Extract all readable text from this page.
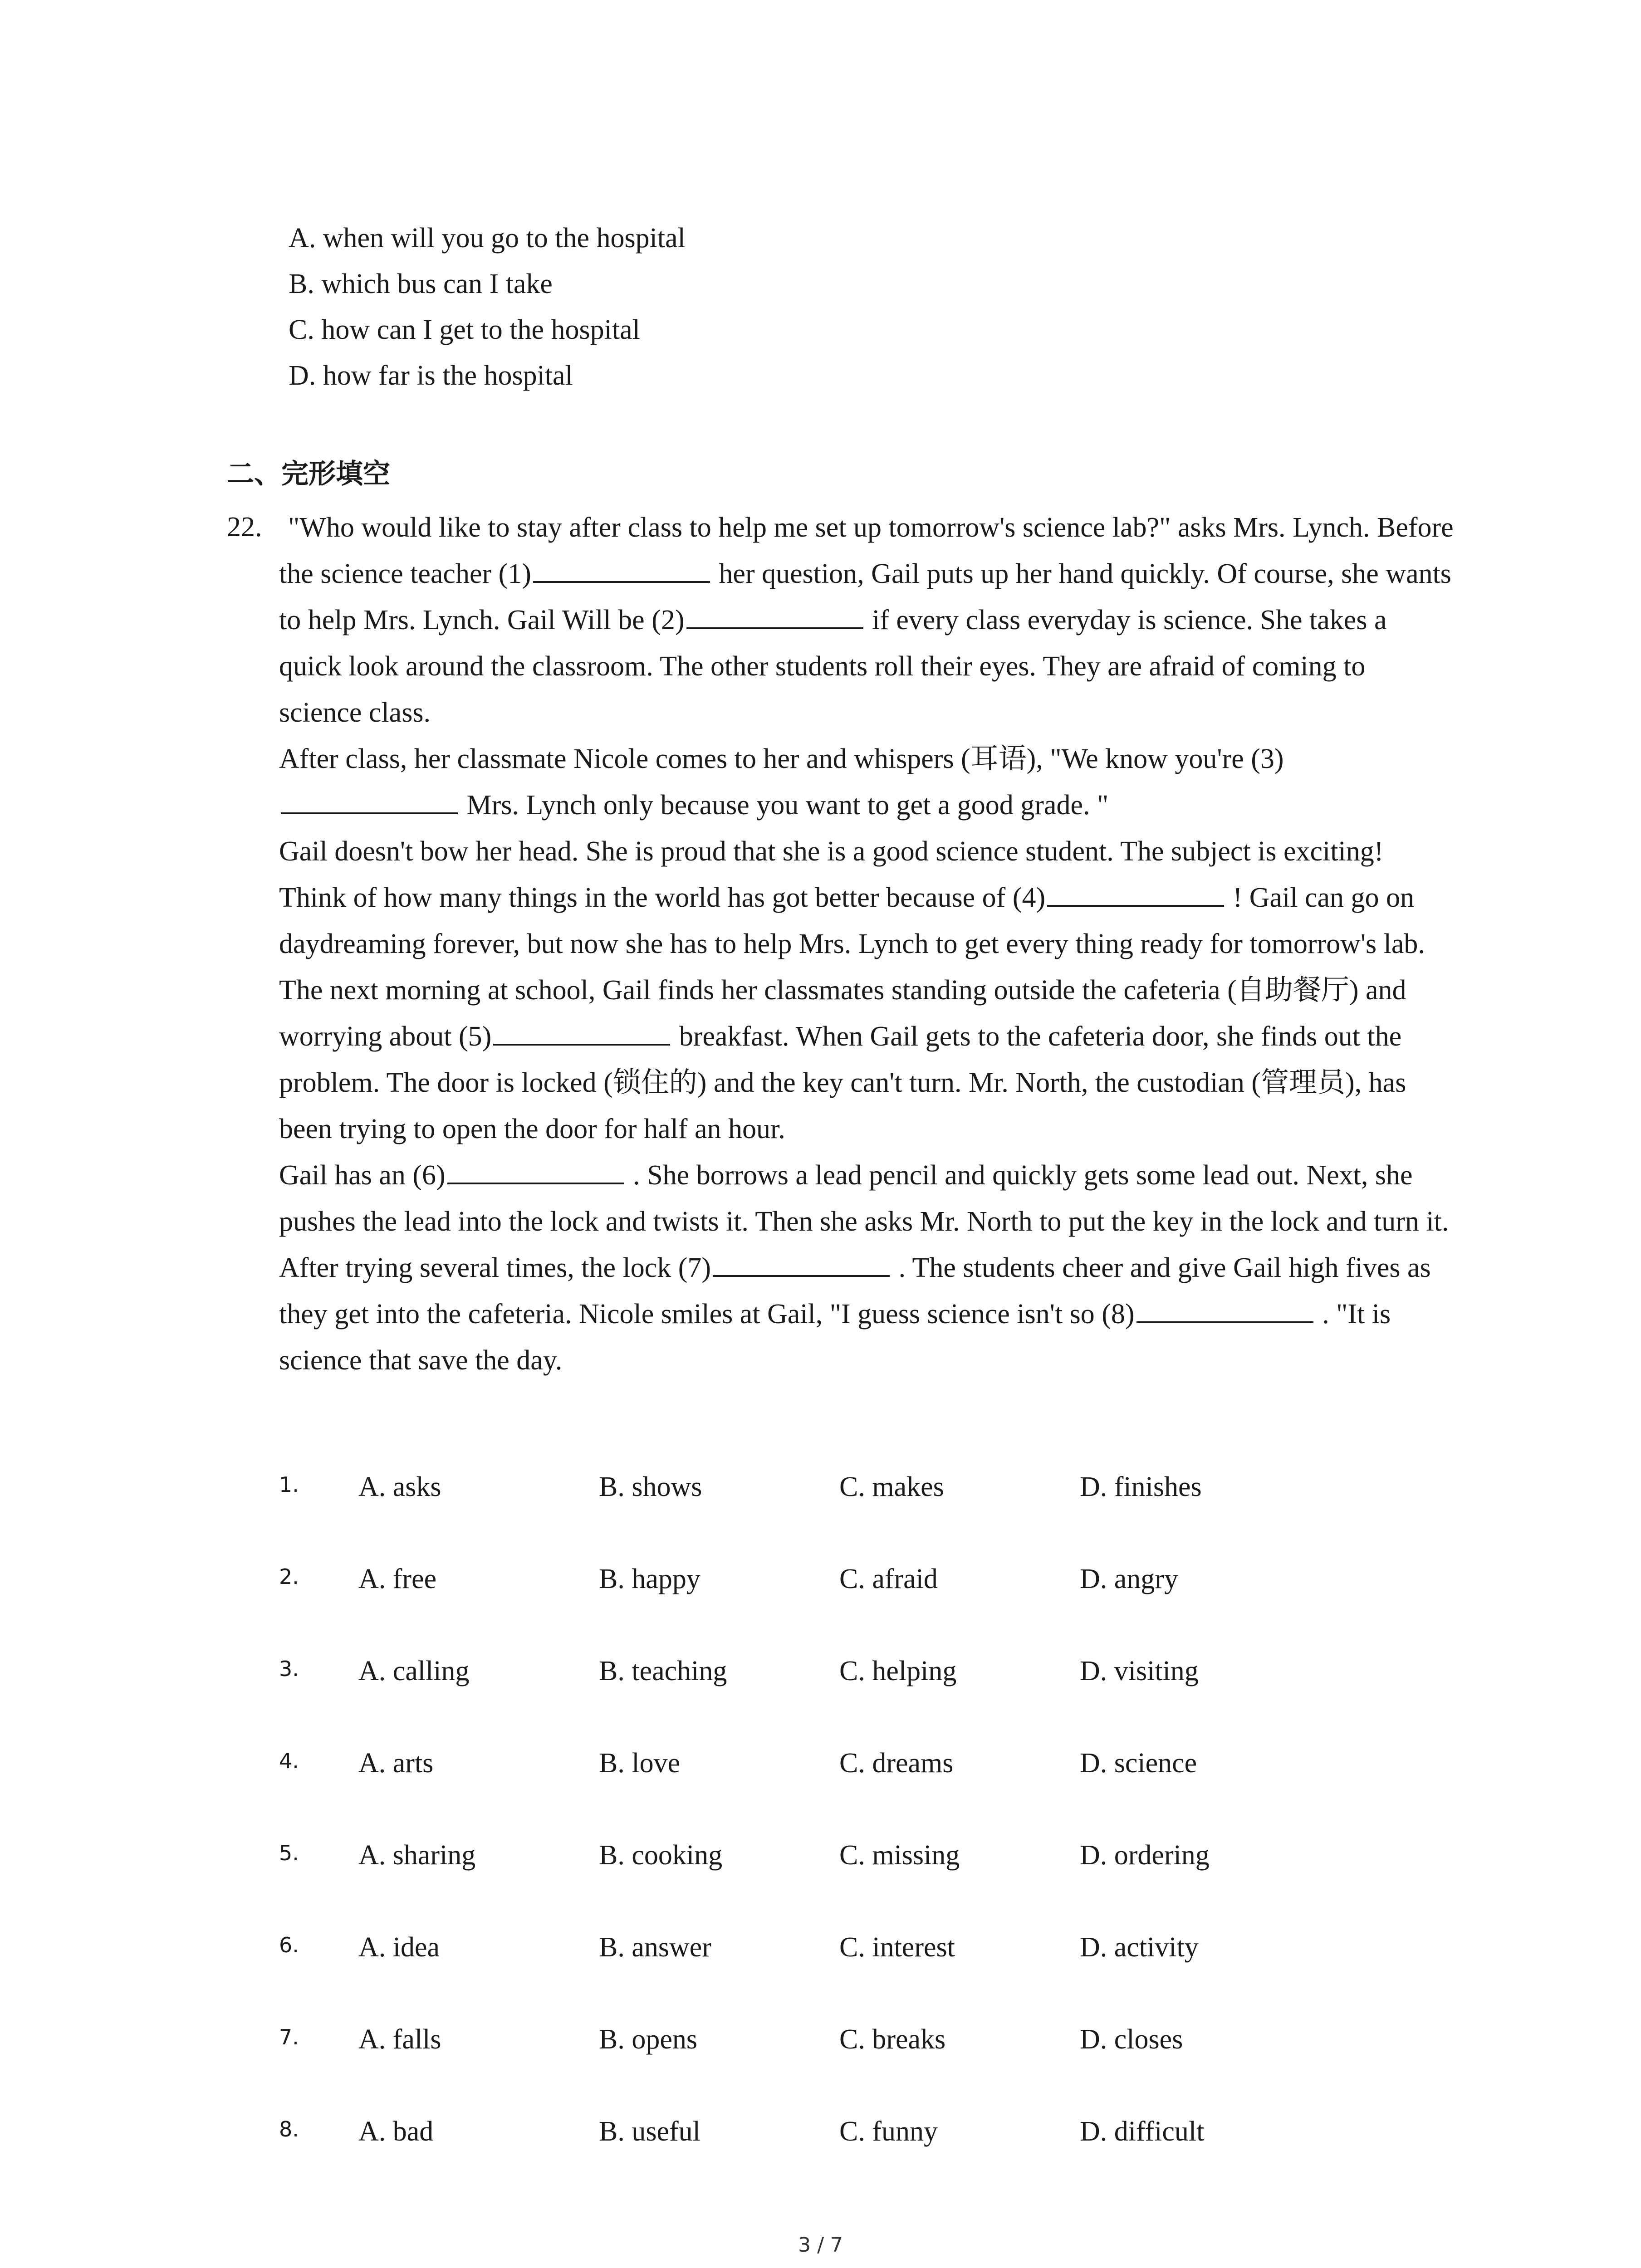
A. when will you go to the hospital
B. which bus can I take
C. how can I get to the hospital
D. how far is the hospital
二、完形填空
22. "Who would like to stay after class to help me set up tomorrow's science lab?" asks Mrs. Lynch. Before the science teacher (1)	her question, Gail puts up her hand quickly. Of course, she wants to help Mrs. Lynch. Gail Will be (2)	if every class everyday is science. She takes a quick look around the classroom. The other students roll their eyes. They are afraid of coming to science class.

After class, her classmate Nicole comes to her and whispers (耳语), "We know you're (3) Mrs. Lynch only because you want to get a good grade. "

Gail doesn't bow her head. She is proud that she is a good science student. The subject is exciting! Think of how many things in the world has got better because of (4)	! Gail can go on daydreaming forever, but now she has to help Mrs. Lynch to get every thing ready for tomorrow's lab.

The next morning at school, Gail finds her classmates standing outside the cafeteria (自助餐厅) and worrying about (5)	breakfast. When Gail gets to the cafeteria door, she finds out the problem. The door is locked (锁住的) and the key can't turn. Mr. North, the custodian (管理员), has been trying to open the door for half an hour.

Gail has an (6)	. She borrows a lead pencil and quickly gets some lead out. Next, she pushes the lead into the lock and twists it. Then she asks Mr. North to put the key in the lock and turn it. After trying several times, the lock (7)	. The students cheer and give Gail high fives as they get into the cafeteria. Nicole smiles at Gail, "I guess science isn't so (8)	. "It is science that save the day.

1. A. asks	B. shows	C. makes	D. finishes
2. A. free	B. happy	C. afraid	D. angry
3. A. calling	B. teaching	C. helping	D. visiting
4. A. arts	B. love	C. dreams	D. science
5. A. sharing	B. cooking	C. missing	D. ordering
6. A. idea	B. answer	C. interest	D. activity
7. A. falls	B. opens	C. breaks	D. closes
8. A. bad	B. useful	C. funny	D. difficult
3 / 7
